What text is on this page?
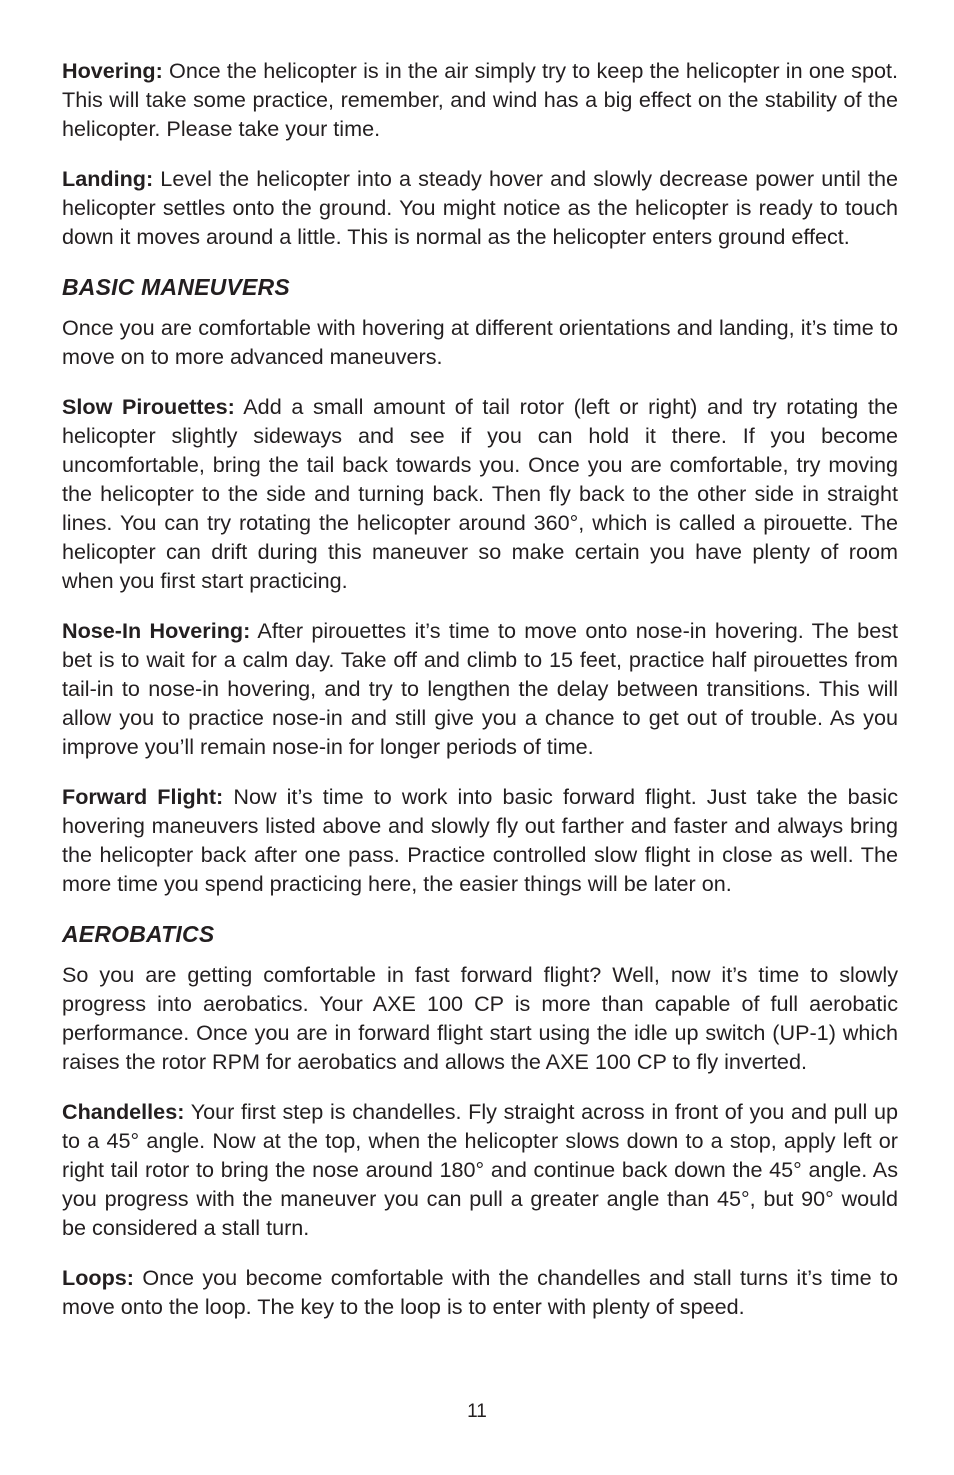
Hovering: Once the helicopter is in the air simply try to keep the helicopter in one spot. This will take some practice, remember, and wind has a big effect on the stability of the helicopter. Please take your time.

Landing: Level the helicopter into a steady hover and slowly decrease power until the helicopter settles onto the ground. You might notice as the helicopter is ready to touch down it moves around a little. This is normal as the helicopter enters ground effect.

BASIC MANEUVERS

Once you are comfortable with hovering at different orientations and landing, it’s time to move on to more advanced maneuvers.

Slow Pirouettes: Add a small amount of tail rotor (left or right) and try rotating the helicopter slightly sideways and see if you can hold it there. If you become uncomfortable, bring the tail back towards you. Once you are comfortable, try moving the helicopter to the side and turning back. Then fly back to the other side in straight lines. You can try rotating the helicopter around 360°, which is called a pirouette. The helicopter can drift during this maneuver so make certain you have plenty of room when you first start practicing.

Nose-In Hovering: After pirouettes it’s time to move onto nose-in hovering. The best bet is to wait for a calm day. Take off and climb to 15 feet, practice half pirouettes from tail-in to nose-in hovering, and try to lengthen the delay between transitions. This will allow you to practice nose-in and still give you a chance to get out of trouble. As you improve you’ll remain nose-in for longer periods of time.

Forward Flight: Now it’s time to work into basic forward flight. Just take the basic hovering maneuvers listed above and slowly fly out farther and faster and always bring the helicopter back after one pass. Practice controlled slow flight in close as well. The more time you spend practicing here, the easier things will be later on.

AEROBATICS

So you are getting comfortable in fast forward flight? Well, now it’s time to slowly progress into aerobatics. Your AXE 100 CP is more than capable of full aerobatic performance. Once you are in forward flight start using the idle up switch (UP-1) which raises the rotor RPM for aerobatics and allows the AXE 100 CP to fly inverted.

Chandelles: Your first step is chandelles. Fly straight across in front of you and pull up to a 45° angle. Now at the top, when the helicopter slows down to a stop, apply left or right tail rotor to bring the nose around 180° and continue back down the 45° angle. As you progress with the maneuver you can pull a greater angle than 45°, but 90° would be considered a stall turn.

Loops: Once you become comfortable with the chandelles and stall turns it’s time to move onto the loop. The key to the loop is to enter with plenty of speed.

11
